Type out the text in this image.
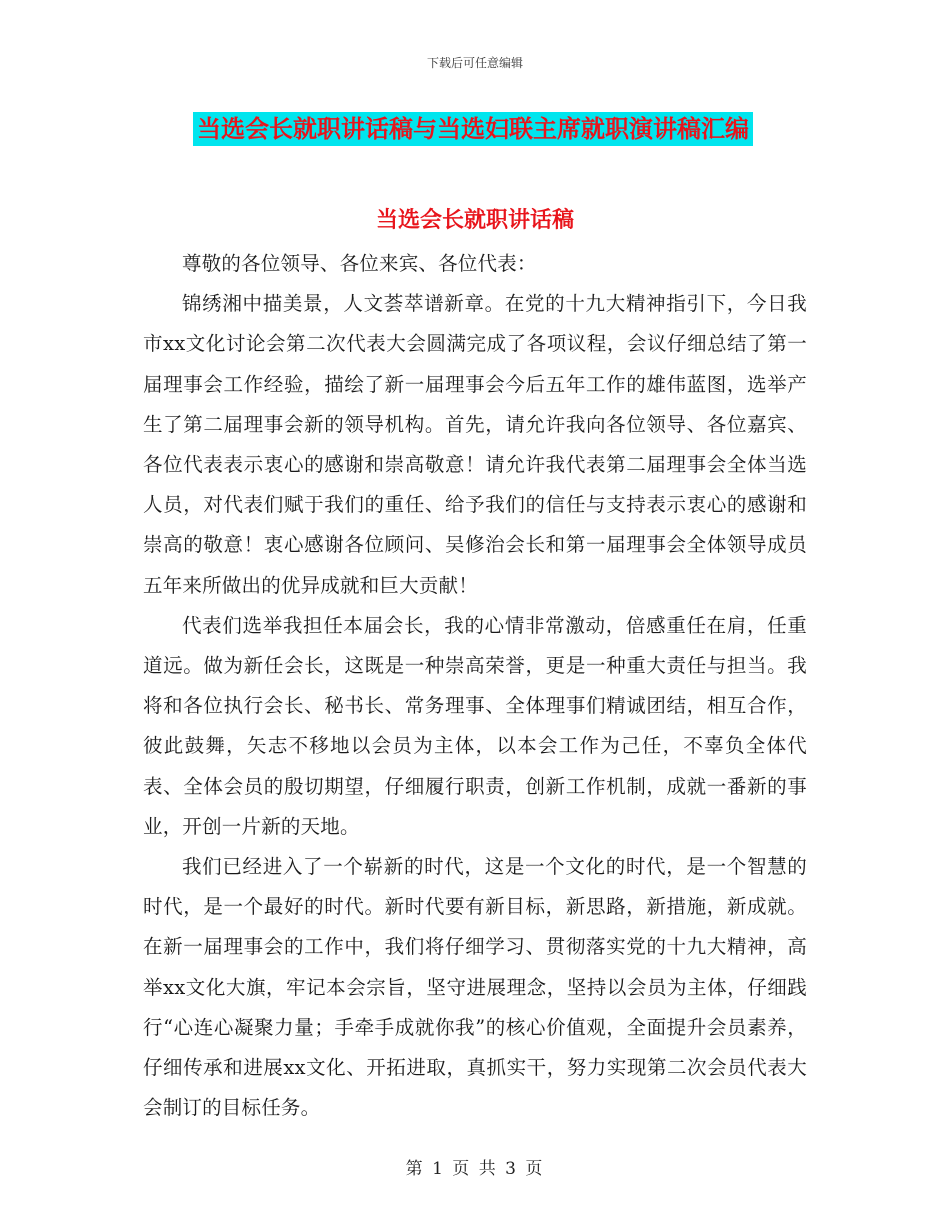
下载后可任意编辑
当选会长就职讲话稿与当选妇联主席就职演讲稿汇编
当选会长就职讲话稿

尊敬的各位领导、各位来宾、各位代表：

锦绣湘中描美景，人文荟萃谱新章。在党的十九大精神指引下，今日我市xx文化讨论会第二次代表大会圆满完成了各项议程，会议仔细总结了第一届理事会工作经验，描绘了新一届理事会今后五年工作的雄伟蓝图，选举产生了第二届理事会新的领导机构。首先，请允许我向各位领导、各位嘉宾、各位代表表示衷心的感谢和崇高敬意！请允许我代表第二届理事会全体当选人员，对代表们赋于我们的重任、给予我们的信任与支持表示衷心的感谢和崇高的敬意！衷心感谢各位顾问、吴修治会长和第一届理事会全体领导成员五年来所做出的优异成就和巨大贡献！

代表们选举我担任本届会长，我的心情非常激动，倍感重任在肩，任重道远。做为新任会长，这既是一种崇高荣誉，更是一种重大责任与担当。我将和各位执行会长、秘书长、常务理事、全体理事们精诚团结，相互合作，彼此鼓舞，矢志不移地以会员为主体，以本会工作为己任，不辜负全体代表、全体会员的殷切期望，仔细履行职责，创新工作机制，成就一番新的事业，开创一片新的天地。

我们已经进入了一个崭新的时代，这是一个文化的时代，是一个智慧的时代，是一个最好的时代。新时代要有新目标，新思路，新措施，新成就。在新一届理事会的工作中，我们将仔细学习、贯彻落实党的十九大精神，高举xx文化大旗，牢记本会宗旨，坚守进展理念，坚持以会员为主体，仔细践行“心连心凝聚力量；手牵手成就你我”的核心价值观，全面提升会员素养，仔细传承和进展xx文化、开拓进取，真抓实干，努力实现第二次会员代表大会制订的目标任务。

第 1 页 共 3 页
